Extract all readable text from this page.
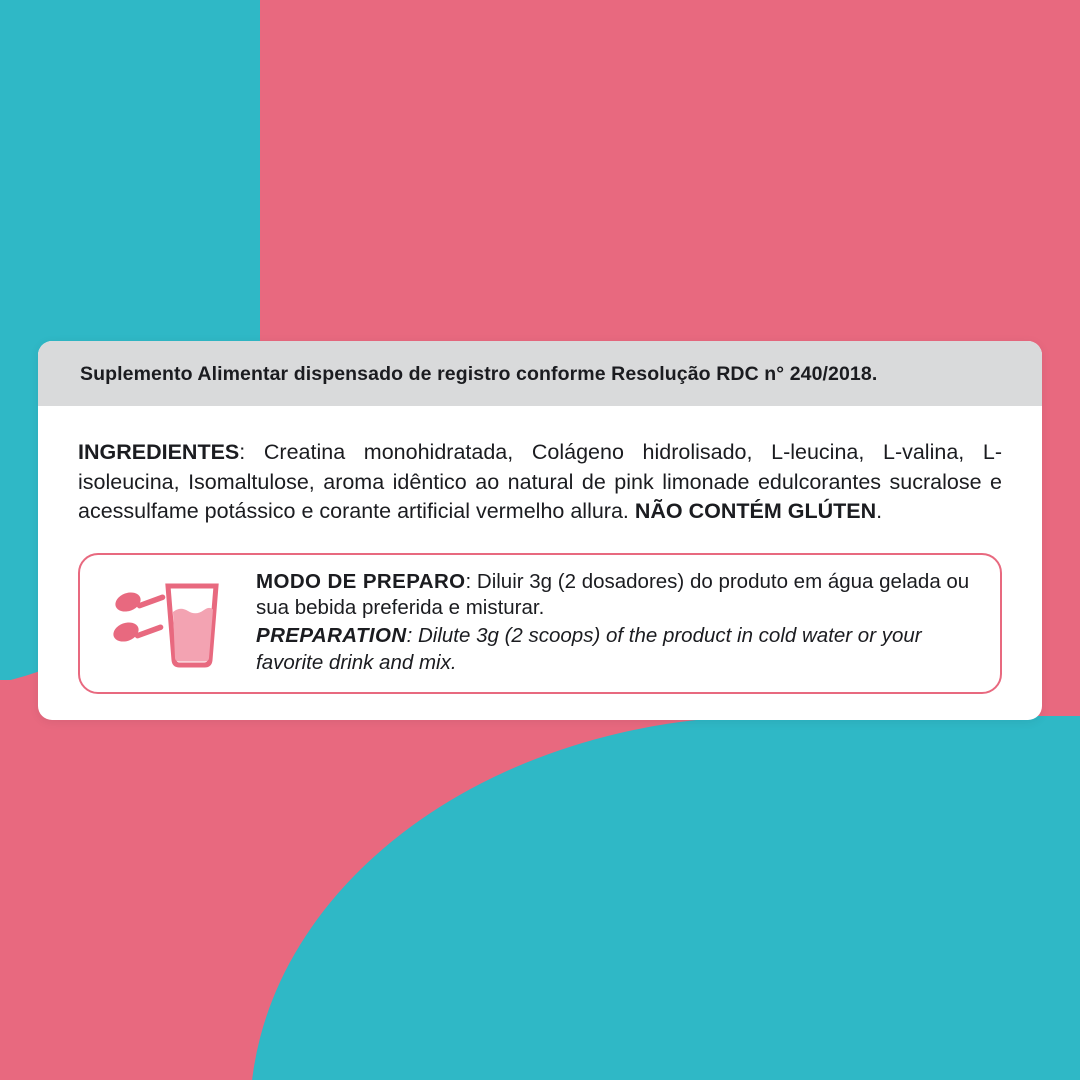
Suplemento Alimentar dispensado de registro conforme Resolução RDC n° 240/2018.

INGREDIENTES: Creatina monohidratada, Colágeno hidrolisado, L-leucina, L-valina, L-isoleucina, Isomaltulose, aroma idêntico ao natural de pink limonade edulcorantes sucralose e acessulfame potássico e corante artificial vermelho allura. NÃO CONTÉM GLÚTEN.

MODO DE PREPARO: Diluir 3g (2 dosadores) do produto em água gelada ou sua bebida preferida e misturar.
PREPARATION: Dilute 3g (2 scoops) of the product in cold water or your favorite drink and mix.
